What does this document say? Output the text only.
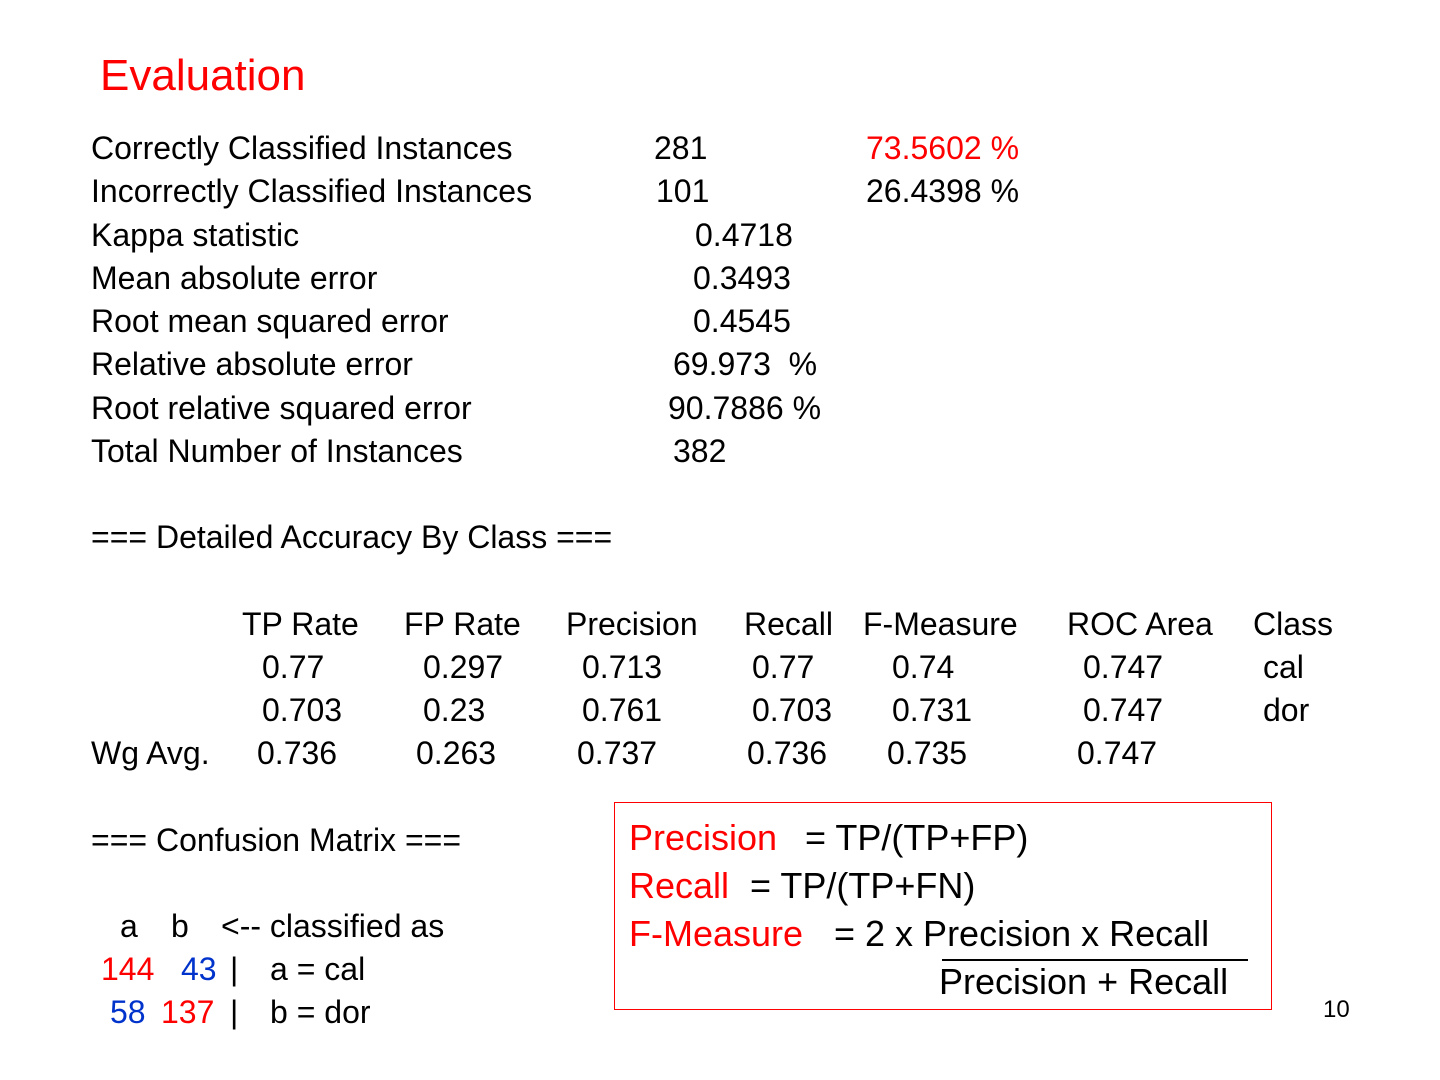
Evaluation
Correctly Classified Instances	281	73.5602 %
Incorrectly Classified Instances	101	26.4398 %
Kappa statistic	0.4718
Mean absolute error	0.3493
Root mean squared error	0.4545
Relative absolute error	69.973  %
Root relative squared error	90.7886 %
Total Number of Instances	382
=== Detailed Accuracy By Class ===
TP Rate FP Rate Precision Recall F-Measure ROC Area Class
0.77	0.297 0.713	0.77 0.74	0.747	cal
0.703	0.23	0.761	0.703 0.731	0.747	dor
Wg Avg. 0.736 0.263	0.737	0.736 0.735	0.747
=== Confusion Matrix ===
a b <-- classified as
144 43 | a = cal
58 137 | b = dor
Precision = TP/(TP+FP)
Recall = TP/(TP+FN)
F-Measure = 2 x Precision x Recall
Precision + Recall
10
